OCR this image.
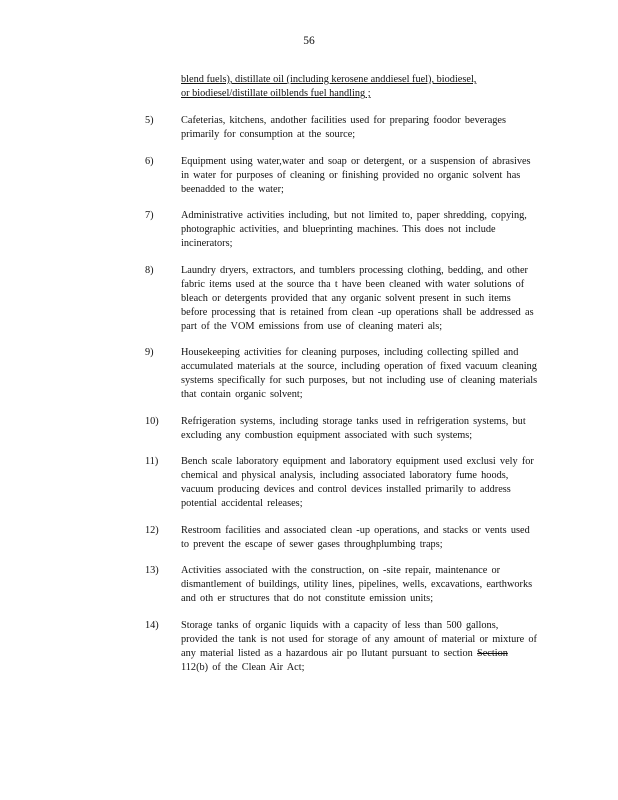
56
blend fuels), distillate oil (including kerosene anddiesel fuel), biodiesel,
or biodiesel/distillate oilblends fuel handling ;
5)	Cafeterias, kitchens, andother facilities used for preparing foodor beverages primarily for consumption at the source;
6)	Equipment using water,water and soap or detergent, or a suspension of abrasives in water for purposes of cleaning or finishing provided no organic solvent has beenadded to the water;
7)	Administrative activities including, but not limited to, paper shredding, copying, photographic activities, and blueprinting machines. This does not include incinerators;
8)	Laundry dryers, extractors, and tumblers processing clothing, bedding, and other fabric items used at the source tha t have been cleaned with water solutions of bleach or detergents provided that any organic solvent present in such items before processing that is retained from clean -up operations shall be addressed as part of the VOM emissions from use of cleaning materi als;
9)	Housekeeping activities for cleaning purposes, including collecting spilled and accumulated materials at the source, including operation of fixed vacuum cleaning systems specifically for such purposes, but not including use of cleaning materials that contain organic solvent;
10) Refrigeration systems, including storage tanks used in refrigeration systems, but excluding any combustion equipment associated with such systems;
11) Bench scale laboratory equipment and laboratory equipment used exclusi vely for chemical and physical analysis, including associated laboratory fume hoods, vacuum producing devices and control devices installed primarily to address potential accidental releases;
12) Restroom facilities and associated clean -up operations, and stacks or vents used to prevent the escape of sewer gases throughplumbing traps;
13) Activities associated with the construction, on -site repair, maintenance or dismantlement of buildings, utility lines, pipelines, wells, excavations, earthworks and oth er structures that do not constitute emission units;
14) Storage tanks of organic liquids with a capacity of less than 500 gallons, provided the tank is not used for storage of any amount of material or mixture of any material listed as a hazardous air po llutant pursuant to section Section 112(b) of the Clean Air Act;
